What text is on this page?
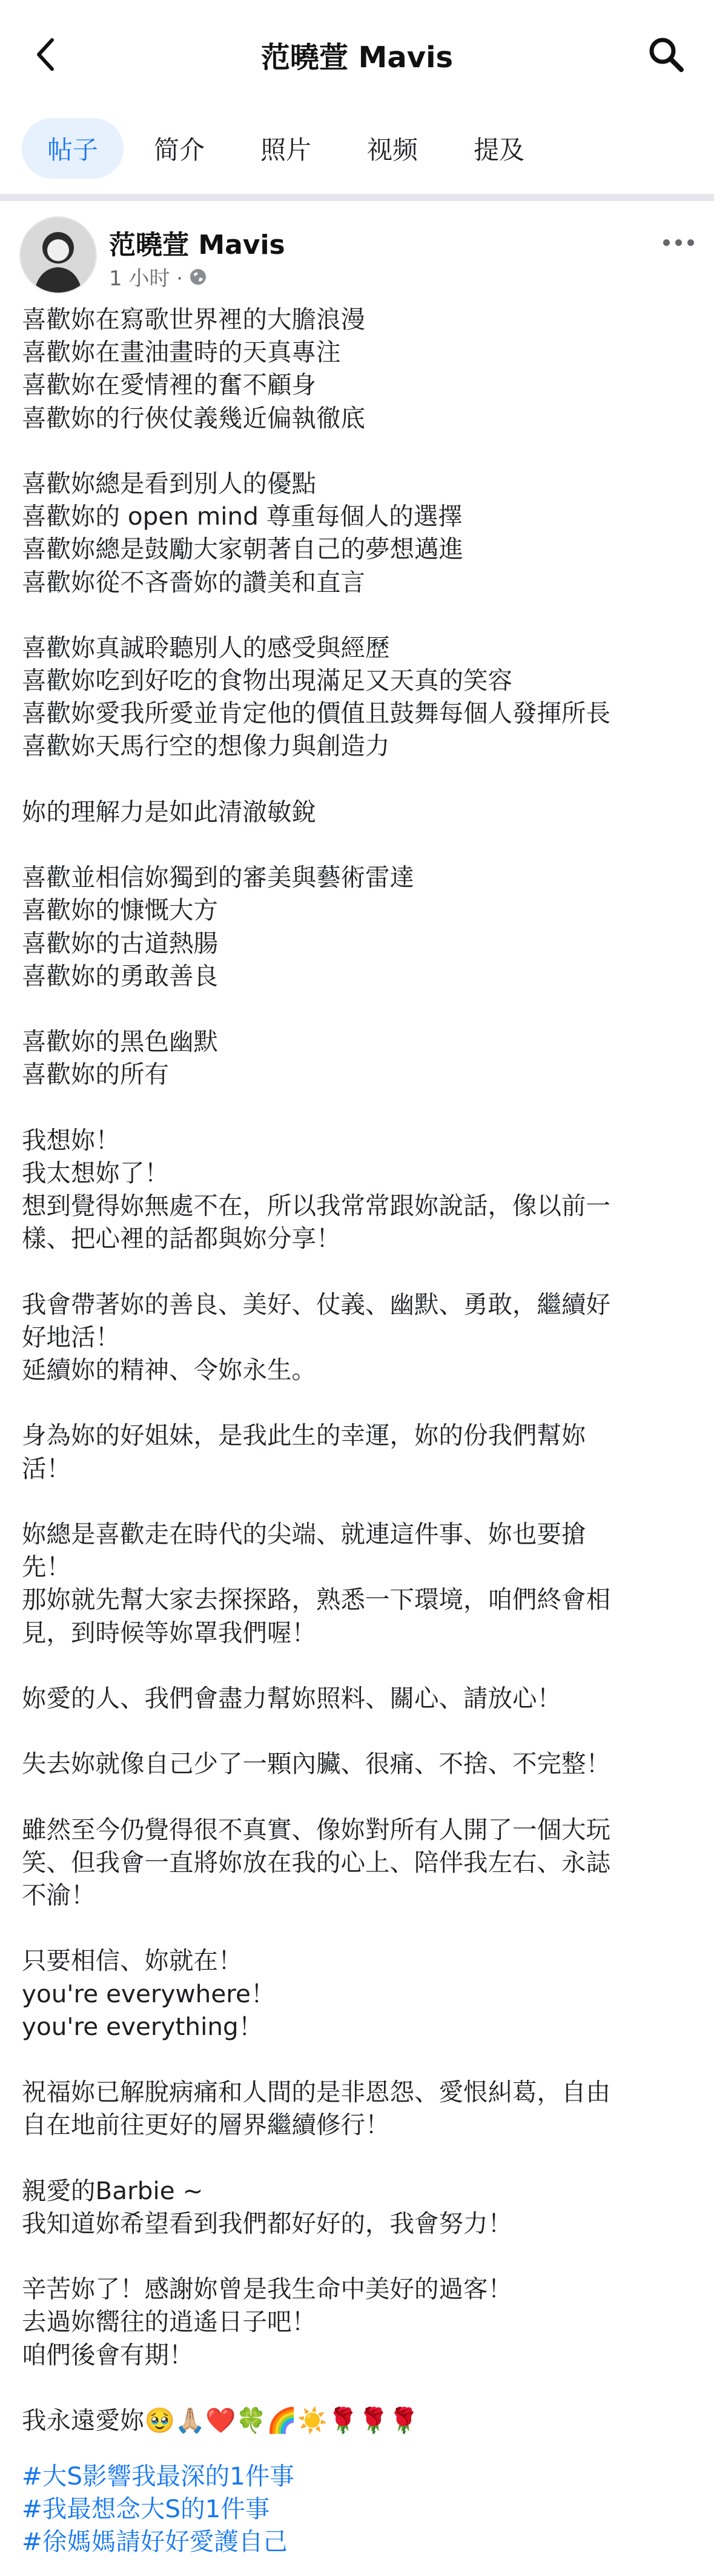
范曉萱 Mavis
帖子	简介	照片	视频	提及
范曉萱 Mavis
1 小时 ·
喜歡妳在寫歌世界裡的大膽浪漫
喜歡妳在畫油畫時的天真專注
喜歡妳在愛情裡的奮不顧身
喜歡妳的行俠仗義幾近偏執徹底
喜歡妳總是看到別人的優點
喜歡妳的 open mind 尊重每個人的選擇
喜歡妳總是鼓勵大家朝著自己的夢想邁進
喜歡妳從不吝嗇妳的讚美和直言
喜歡妳真誠聆聽別人的感受與經歷
喜歡妳吃到好吃的食物出現滿足又天真的笑容
喜歡妳愛我所愛並肯定他的價值且鼓舞每個人發揮所長
喜歡妳天馬行空的想像力與創造力
妳的理解力是如此清澈敏銳
喜歡並相信妳獨到的審美與藝術雷達
喜歡妳的慷慨大方
喜歡妳的古道熱腸
喜歡妳的勇敢善良
喜歡妳的黑色幽默
喜歡妳的所有
我想妳！
我太想妳了！
想到覺得妳無處不在，所以我常常跟妳說話，像以前一
樣、把心裡的話都與妳分享！
我會帶著妳的善良、美好、仗義、幽默、勇敢，繼續好
好地活！
延續妳的精神、令妳永生。
身為妳的好姐妹，是我此生的幸運，妳的份我們幫妳
活！
妳總是喜歡走在時代的尖端、就連這件事、妳也要搶
先！
那妳就先幫大家去探探路，熟悉一下環境，咱們終會相
見，到時候等妳罩我們喔！
妳愛的人、我們會盡力幫妳照料、關心、請放心！
失去妳就像自己少了一顆內臟、很痛、不捨、不完整！
雖然至今仍覺得很不真實、像妳對所有人開了一個大玩
笑、但我會一直將妳放在我的心上、陪伴我左右、永誌
不渝！
只要相信、妳就在！
you're everywhere！
you're everything！
祝福妳已解脫病痛和人間的是非恩怨、愛恨糾葛，自由
自在地前往更好的層界繼續修行！
親愛的Barbie ~
我知道妳希望看到我們都好好的，我會努力！
辛苦妳了！感謝妳曾是我生命中美好的過客！
去過妳嚮往的逍遙日子吧！
咱們後會有期！
我永遠愛妳🥹🙏🏼❤️🍀🌈☀️🌹🌹🌹
#大S影響我最深的1件事
#我最想念大S的1件事
#徐媽媽請好好愛護自己
